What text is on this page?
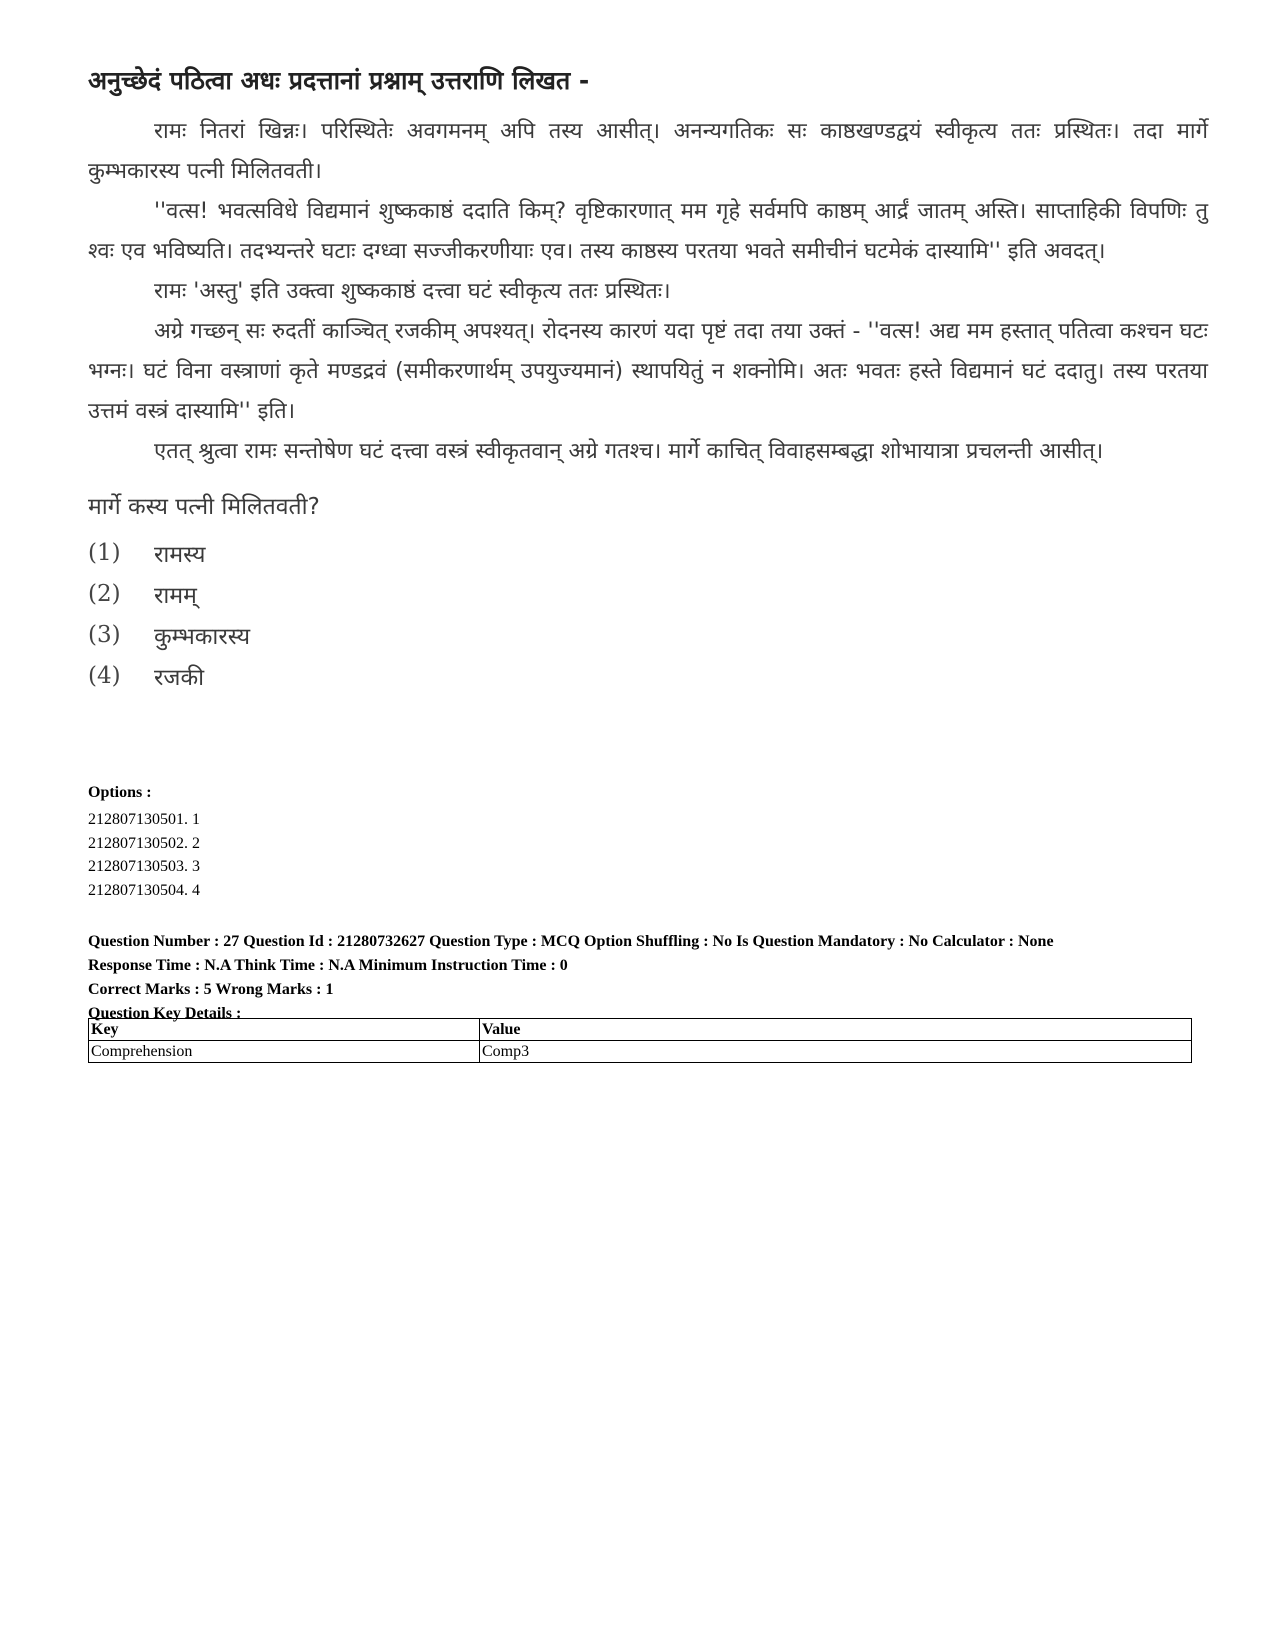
अनुच्छेदं पठित्वा अधः प्रदत्तानां प्रश्नाम् उत्तराणि लिखत -

रामः नितरां खिन्नः। परिस्थितेः अवगमनम् अपि तस्य आसीत्। अनन्यगतिकः सः काष्ठखण्डद्वयं स्वीकृत्य ततः प्रस्थितः। तदा मार्गे कुम्भकारस्य पत्नी मिलितवती।

''वत्स! भवत्सविधे विद्यमानं शुष्ककाष्ठं ददाति किम्? वृष्टिकारणात् मम गृहे सर्वमपि काष्ठम् आर्द्रं जातम् अस्ति। साप्ताहिकी विपणिः तु श्वः एव भविष्यति। तदभ्यन्तरे घटाः दग्ध्वा सज्जीकरणीयाः एव। तस्य काष्ठस्य परतया भवते समीचीनं घटमेकं दास्यामि'' इति अवदत्।

रामः 'अस्तु' इति उक्त्वा शुष्ककाष्ठं दत्त्वा घटं स्वीकृत्य ततः प्रस्थितः।

अग्रे गच्छन् सः रुदतीं काञ्चित् रजकीम् अपश्यत्। रोदनस्य कारणं यदा पृष्टं तदा तया उक्तं - ''वत्स! अद्य मम हस्तात् पतित्वा कश्चन घटः भग्नः। घटं विना वस्त्राणां कृते मण्डद्रवं (समीकरणार्थम् उपयुज्यमानं) स्थापयितुं न शक्नोमि। अतः भवतः हस्ते विद्यमानं घटं ददातु। तस्य परतया उत्तमं वस्त्रं दास्यामि'' इति।

एतत् श्रुत्वा रामः सन्तोषेण घटं दत्त्वा वस्त्रं स्वीकृतवान् अग्रे गतश्च। मार्गे काचित् विवाहसम्बद्धा शोभायात्रा प्रचलन्ती आसीत्।

मार्गे कस्य पत्नी मिलितवती?
(1)	रामस्य
(2)	रामम्
(3)	कुम्भकारस्य
(4)	रजकी
Options :
212807130501. 1
212807130502. 2
212807130503. 3
212807130504. 4
Question Number : 27 Question Id : 21280732627 Question Type : MCQ Option Shuffling : No Is Question Mandatory : No Calculator : None
Response Time : N.A Think Time : N.A Minimum Instruction Time : 0
Correct Marks : 5 Wrong Marks : 1
Question Key Details :
Key	Value
Comprehension	Comp3
